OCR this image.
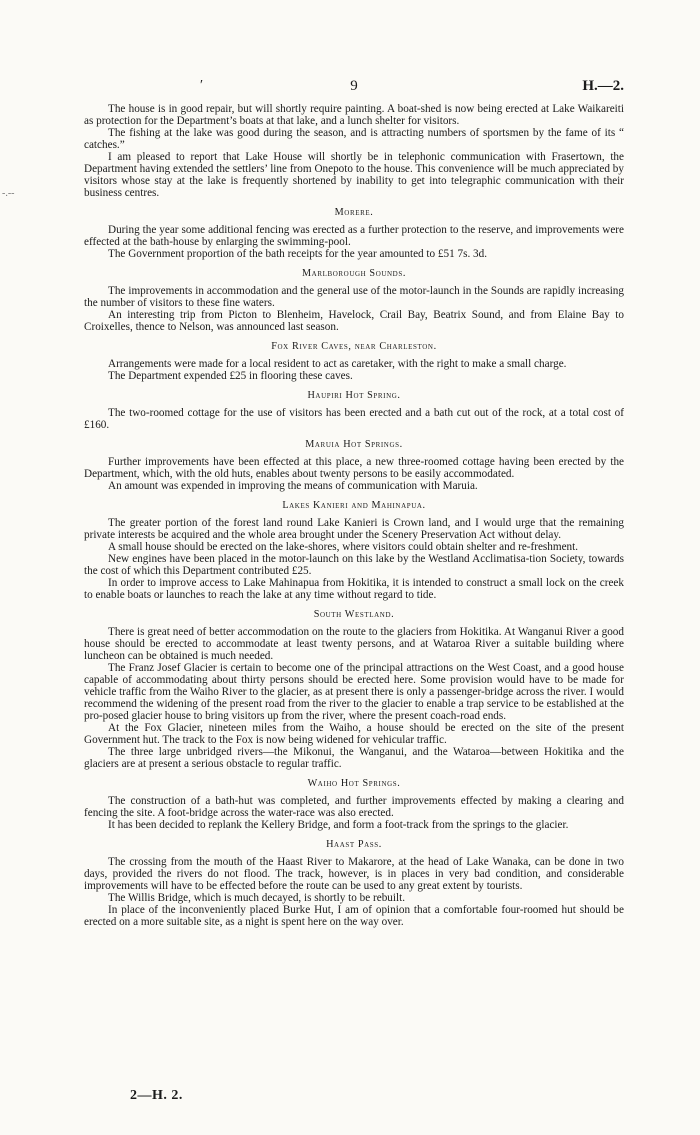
-.--
′	9	H.—2.

The house is in good repair, but will shortly require painting. A boat-shed is now being erected at Lake Waikareiti as protection for the Department’s boats at that lake, and a lunch shelter for visitors.

The fishing at the lake was good during the season, and is attracting numbers of sportsmen by the fame of its “ catches.”

I am pleased to report that Lake House will shortly be in telephonic communication with Frasertown, the Department having extended the settlers’ line from Onepoto to the house. This convenience will be much appreciated by visitors whose stay at the lake is frequently shortened by inability to get into telegraphic communication with their business centres.

Morere.

During the year some additional fencing was erected as a further protection to the reserve, and improvements were effected at the bath-house by enlarging the swimming-pool.

The Government proportion of the bath receipts for the year amounted to £51 7s. 3d.

Marlborough Sounds.

The improvements in accommodation and the general use of the motor-launch in the Sounds are rapidly increasing the number of visitors to these fine waters.

An interesting trip from Picton to Blenheim, Havelock, Crail Bay, Beatrix Sound, and from Elaine Bay to Croixelles, thence to Nelson, was announced last season.

Fox River Caves, near Charleston.

Arrangements were made for a local resident to act as caretaker, with the right to make a small charge.

The Department expended £25 in flooring these caves.

Haupiri Hot Spring.

The two-roomed cottage for the use of visitors has been erected and a bath cut out of the rock, at a total cost of £160.

Maruia Hot Springs.

Further improvements have been effected at this place, a new three-roomed cottage having been erected by the Department, which, with the old huts, enables about twenty persons to be easily accommodated.

An amount was expended in improving the means of communication with Maruia.

Lakes Kanieri and Mahinapua.

The greater portion of the forest land round Lake Kanieri is Crown land, and I would urge that the remaining private interests be acquired and the whole area brought under the Scenery Preservation Act without delay.

A small house should be erected on the lake-shores, where visitors could obtain shelter and re-freshment.

New engines have been placed in the motor-launch on this lake by the Westland Acclimatisa-tion Society, towards the cost of which this Department contributed £25.

In order to improve access to Lake Mahinapua from Hokitika, it is intended to construct a small lock on the creek to enable boats or launches to reach the lake at any time without regard to tide.

South Westland.

There is great need of better accommodation on the route to the glaciers from Hokitika. At Wanganui River a good house should be erected to accommodate at least twenty persons, and at Wataroa River a suitable building where luncheon can be obtained is much needed.

The Franz Josef Glacier is certain to become one of the principal attractions on the West Coast, and a good house capable of accommodating about thirty persons should be erected here. Some provision would have to be made for vehicle traffic from the Waiho River to the glacier, as at present there is only a passenger-bridge across the river. I would recommend the widening of the present road from the river to the glacier to enable a trap service to be established at the pro-posed glacier house to bring visitors up from the river, where the present coach-road ends.

At the Fox Glacier, nineteen miles from the Waiho, a house should be erected on the site of the present Government hut. The track to the Fox is now being widened for vehicular traffic.

The three large unbridged rivers—the Mikonui, the Wanganui, and the Wataroa—between Hokitika and the glaciers are at present a serious obstacle to regular traffic.

Waiho Hot Springs.

The construction of a bath-hut was completed, and further improvements effected by making a clearing and fencing the site. A foot-bridge across the water-race was also erected.

It has been decided to replank the Kellery Bridge, and form a foot-track from the springs to the glacier.

Haast Pass.

The crossing from the mouth of the Haast River to Makarore, at the head of Lake Wanaka, can be done in two days, provided the rivers do not flood. The track, however, is in places in very bad condition, and considerable improvements will have to be effected before the route can be used to any great extent by tourists.

The Willis Bridge, which is much decayed, is shortly to be rebuilt.

In place of the inconveniently placed Burke Hut, I am of opinion that a comfortable four-roomed hut should be erected on a more suitable site, as a night is spent here on the way over.

2—H. 2.
